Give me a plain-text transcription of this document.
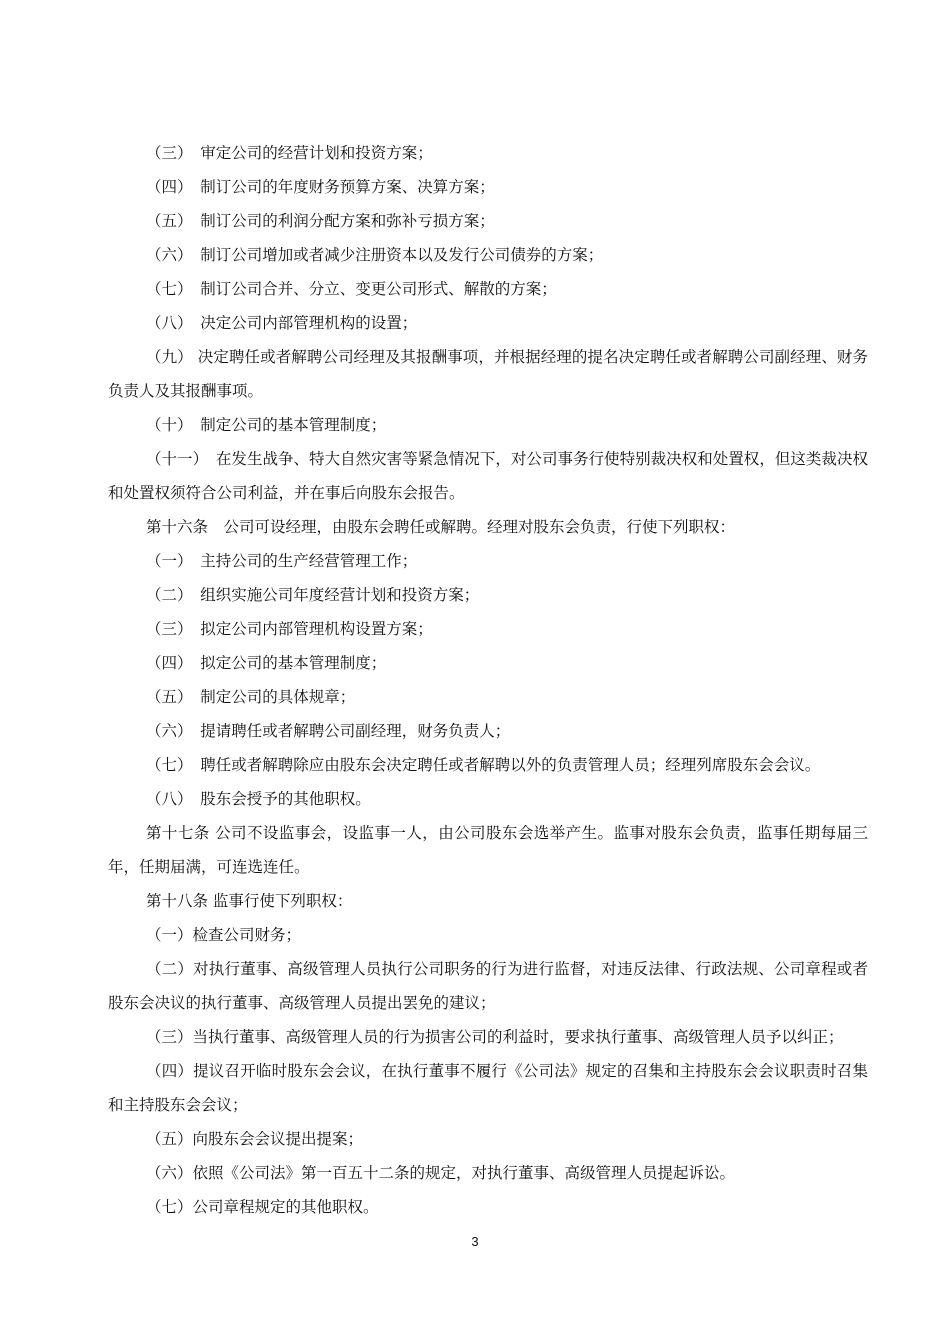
（三）　审定公司的经营计划和投资方案；

（四）　制订公司的年度财务预算方案、决算方案；

（五）　制订公司的利润分配方案和弥补亏损方案；

（六）　制订公司增加或者减少注册资本以及发行公司债券的方案；

（七）　制订公司合并、分立、变更公司形式、解散的方案；

（八）　决定公司内部管理机构的设置；

（九） 决定聘任或者解聘公司经理及其报酬事项，并根据经理的提名决定聘任或者解聘公司副经理、财务负责人及其报酬事项。

（十）　制定公司的基本管理制度；

（十一）　在发生战争、特大自然灾害等紧急情况下，对公司事务行使特别裁决权和处置权，但这类裁决权和处置权须符合公司利益，并在事后向股东会报告。

第十六条　公司可设经理，由股东会聘任或解聘。经理对股东会负责，行使下列职权：

（一）　主持公司的生产经营管理工作；

（二）　组织实施公司年度经营计划和投资方案；

（三）　拟定公司内部管理机构设置方案；

（四）　拟定公司的基本管理制度；

（五）　制定公司的具体规章；

（六）　提请聘任或者解聘公司副经理，财务负责人；

（七）　聘任或者解聘除应由股东会决定聘任或者解聘以外的负责管理人员；经理列席股东会会议。

（八）　股东会授予的其他职权。

第十七条 公司不设监事会，设监事一人，由公司股东会选举产生。监事对股东会负责，监事任期每届三年，任期届满，可连选连任。

第十八条 监事行使下列职权：

（一）检查公司财务；

（二）对执行董事、高级管理人员执行公司职务的行为进行监督，对违反法律、行政法规、公司章程或者股东会决议的执行董事、高级管理人员提出罢免的建议；

（三）当执行董事、高级管理人员的行为损害公司的利益时，要求执行董事、高级管理人员予以纠正；

（四）提议召开临时股东会会议，在执行董事不履行《公司法》规定的召集和主持股东会会议职责时召集和主持股东会会议；

（五）向股东会会议提出提案；

（六）依照《公司法》第一百五十二条的规定，对执行董事、高级管理人员提起诉讼。

（七）公司章程规定的其他职权。

3
